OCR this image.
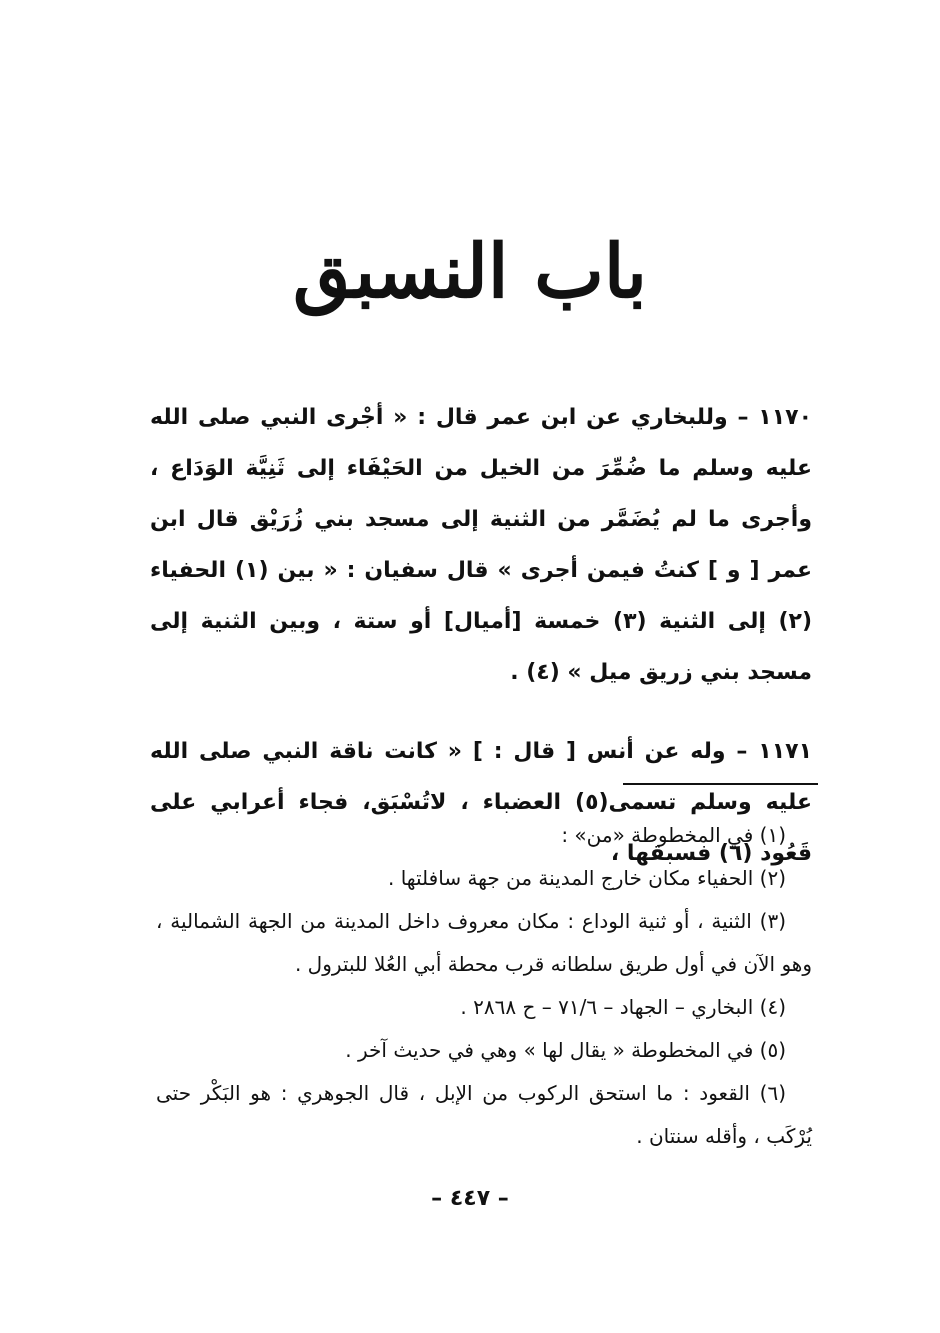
باب النسبق

١١٧٠ – وللبخاري عن ابن عمر قال : « أجْرى النبي صلى الله عليه وسلم ما ضُمِّرَ من الخيل من الحَيْفَاء إلى ثَنِيَّة الوَدَاع ، وأجرى ما لم يُضَمَّر من الثنية إلى مسجد بني زُرَيْق قال ابن عمر [ و ] كنتُ فيمن أجرى » قال سفيان : « بين (١) الحفياء (٢) إلى الثنية (٣) خمسة [أميال] أو ستة ، وبين الثنية إلى مسجد بني زريق ميل » (٤) .

١١٧١ – وله عن أنس [ قال : ] « كانت ناقة النبي صلى الله عليه وسلم تسمى(٥) العضباء ، لاتُسْبَق، فجاء أعرابي على قَعُود (٦) فسبقها ،

(١) في المخطوطة «من» :

(٢) الحفياء مكان خارج المدينة من جهة سافلتها .

(٣) الثنية ، أو ثنية الوداع : مكان معروف داخل المدينة من الجهة الشمالية ، وهو الآن في أول طريق سلطانه قرب محطة أبي العُلا للبترول .

(٤) البخاري – الجهاد – ٧١/٦ – ح ٢٨٦٨ .

(٥) في المخطوطة « يقال لها » وهي في حديث آخر .

(٦) القعود : ما استحق الركوب من الإبل ، قال الجوهري : هو البَكْر حتى يُرْكَب ، وأقله سنتان .

– ٤٤٧ –
